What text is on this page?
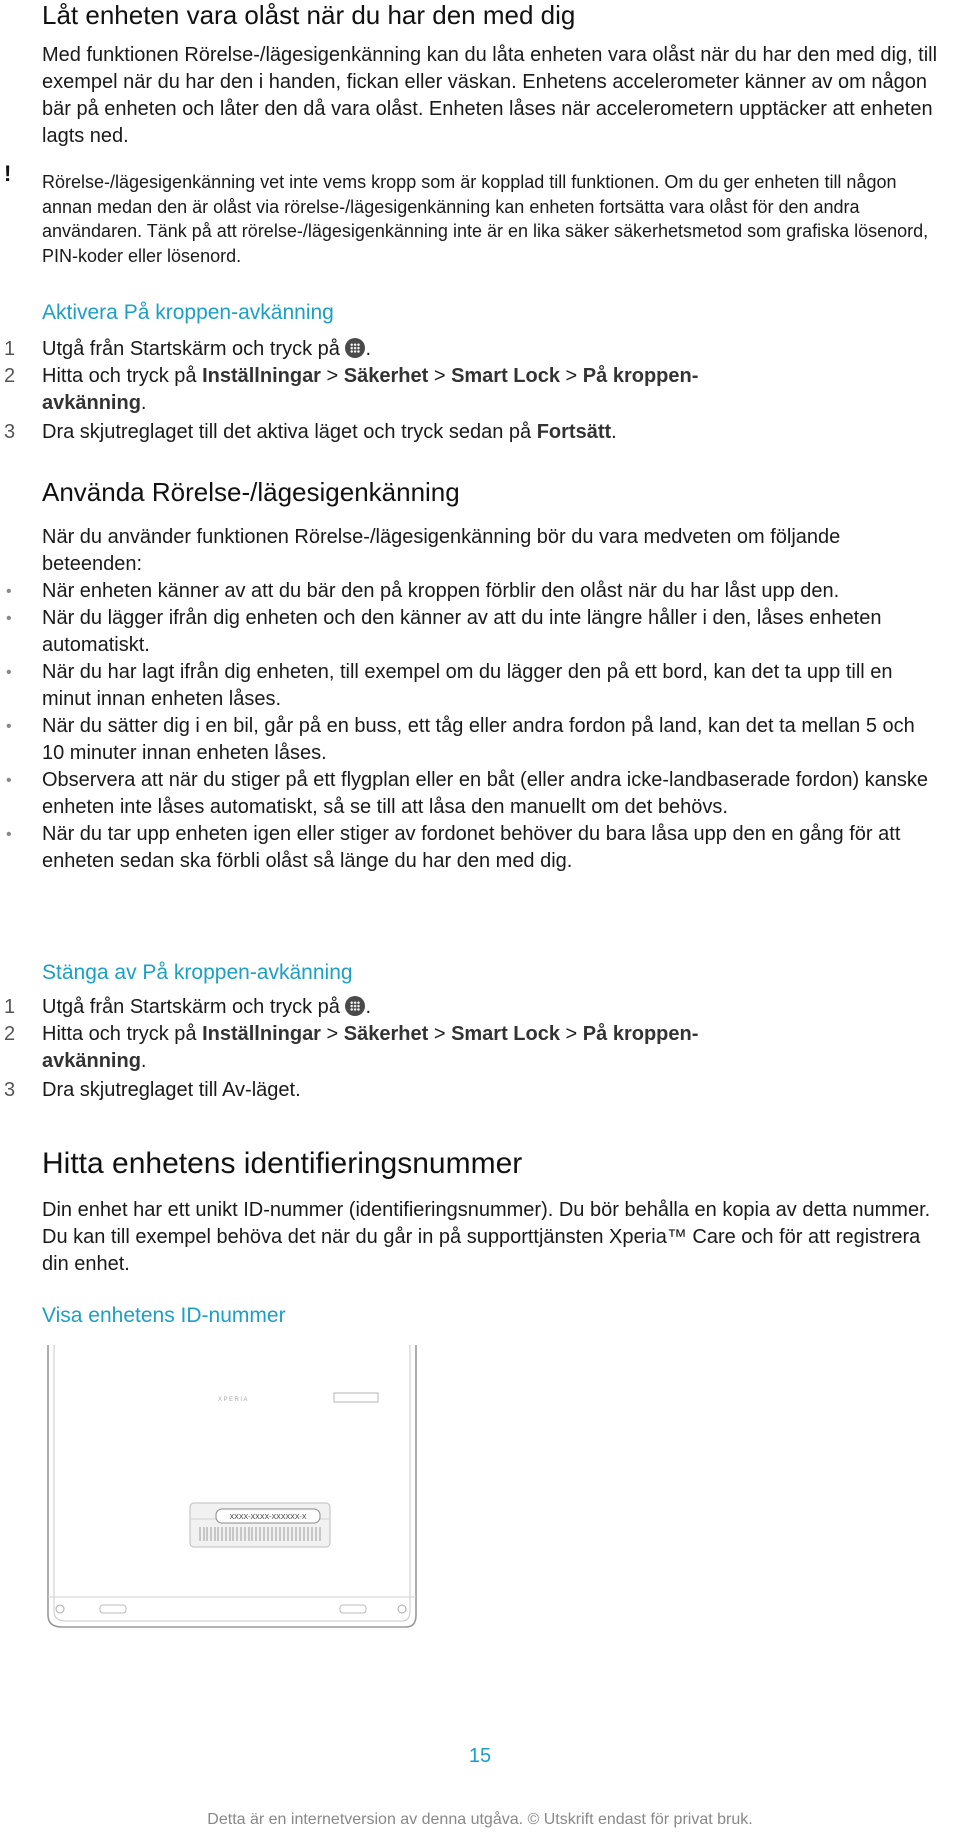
Låt enheten vara olåst när du har den med dig

Med funktionen Rörelse-/lägesigenkänning kan du låta enheten vara olåst när du har den med dig, till exempel när du har den i handen, fickan eller väskan. Enhetens accelerometer känner av om någon bär på enheten och låter den då vara olåst. Enheten låses när accelerometern upptäcker att enheten lagts ned.

! Rörelse-/lägesigenkänning vet inte vems kropp som är kopplad till funktionen. Om du ger enheten till någon annan medan den är olåst via rörelse-/lägesigenkänning kan enheten fortsätta vara olåst för den andra användaren. Tänk på att rörelse-/lägesigenkänning inte är en lika säker säkerhetsmetod som grafiska lösenord, PIN-koder eller lösenord.

Aktivera På kroppen-avkänning
1 Utgå från Startskärm och tryck på .
2 Hitta och tryck på Inställningar > Säkerhet > Smart Lock > På kroppen-avkänning.
3 Dra skjutreglaget till det aktiva läget och tryck sedan på Fortsätt.
Använda Rörelse-/lägesigenkänning

När du använder funktionen Rörelse-/lägesigenkänning bör du vara medveten om följande beteenden:

• När enheten känner av att du bär den på kroppen förblir den olåst när du har låst upp den.

• När du lägger ifrån dig enheten och den känner av att du inte längre håller i den, låses enheten automatiskt.

• När du har lagt ifrån dig enheten, till exempel om du lägger den på ett bord, kan det ta upp till en minut innan enheten låses.

• När du sätter dig i en bil, går på en buss, ett tåg eller andra fordon på land, kan det ta mellan 5 och 10 minuter innan enheten låses.

• Observera att när du stiger på ett flygplan eller en båt (eller andra icke-landbaserade fordon) kanske enheten inte låses automatiskt, så se till att låsa den manuellt om det behövs.

• När du tar upp enheten igen eller stiger av fordonet behöver du bara låsa upp den en gång för att enheten sedan ska förbli olåst så länge du har den med dig.

Stänga av På kroppen-avkänning
1 Utgå från Startskärm och tryck på .
2 Hitta och tryck på Inställningar > Säkerhet > Smart Lock > På kroppen-avkänning.
3 Dra skjutreglaget till Av-läget.
Hitta enhetens identifieringsnummer

Din enhet har ett unikt ID-nummer (identifieringsnummer). Du bör behålla en kopia av detta nummer. Du kan till exempel behöva det när du går in på supporttjänsten Xperia™ Care och för att registrera din enhet.

Visa enhetens ID-nummer
XPERIA
XXXX-XXXX-XXXXXX-X
15
Detta är en internetversion av denna utgåva. © Utskrift endast för privat bruk.
